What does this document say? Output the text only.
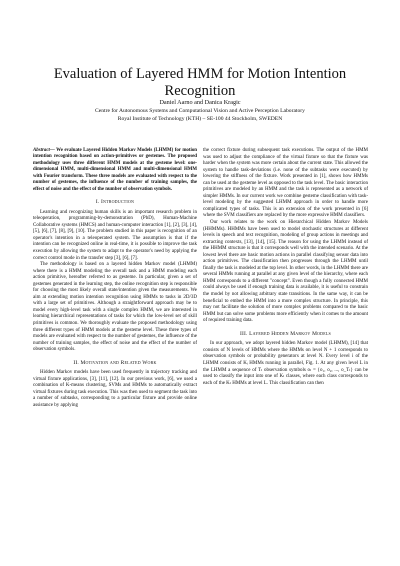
Evaluation of Layered HMM for Motion Intention Recognition
Daniel Aarno and Danica Kragic
Centre for Autonomous Systems and Computational Vision and Active Perception Laboratory
Royal Institute of Technology (KTH) – SE-100 44 Stockholm, SWEDEN
Abstract— We evaluate Layered Hidden Markov Models (LHMM) for motion intention recognition based on action-primitives or gestemes. The proposed methodology uses three different HMM models at the gesteme level: one-dimensional HMM, multi-dimensional HMM and multi-dimensional HMM with Fourier transform. These three models are evaluated with respect to the number of gestemes, the influence of the number of training samples, the effect of noise and the effect of the number of observation symbols.
I. Introduction

Learning and recognizing human skills is an important research problem in teleoperation, programming-by-demonstration (PbD), Human-Machine Collaborative systems (HMCS) and human-computer interaction [1], [2], [3], [4], [5], [6], [7], [8], [9], [10]. The problem studied in this paper is recognition of an operator's intention in a teleoperated system. The assumption is that if the intention can be recognized online in real-time, it is possible to improve the task execution by allowing the system to adapt to the operator's need by applying the correct control mode in the transfer step [3], [6], [7].

The methodology is based on a layered hidden Markov model (LHMM) where there is a HMM modeling the overall task and a HMM modeling each action primitive, hereafter referred to as gesteme. In particular, given a set of gestemes generated in the learning step, the online recognition step is responsible for choosing the most likely overall state/intention given the measurements. We aim at extending motion intention recognition using HMMs to tasks in 2D/3D with a large set of primitives. Although a straightforward approach may be to model every high-level task with a single complex HMM, we are interested in learning hierarchical representations of tasks for which the low-level set of skill primitives is common. We thoroughly evaluate the proposed methodology using three different types of HMM models at the gesteme level. These three types of models are evaluated with respect to the number of gestemes, the influence of the number of training samples, the effect of noise and the effect of the number of observation symbols.

II. Motivation and Related Work

Hidden Markov models have been used frequently in trajectory tracking and virtual fixture applications, [3], [11], [12]. In our previous work, [6], we used a combination of K-means clustering, SVMs and HMMs to automatically extract virtual fixtures during task execution. This was then used to segment the task into a number of subtasks, corresponding to a particular fixture and provide online assistance by applying

the correct fixture during subsequent task executions. The output of the HMM was used to adjust the compliance of the virtual fixture so that the fixture was harder when the system was more certain about the current state. This allowed the system to handle task-deviations (i.e. none of the subtasks were executed) by lowering the stiffness of the fixture. Work presented in [1], shows how HMMs can be used at the gesteme level as opposed to the task level. The basic interaction primitives are modeled by an HMM and the task is represented as a network of simpler HMMs. In our current work we combine gesteme classification with task-level modeling by the suggested LHMM approach in order to handle more complicated types of tasks. This is an extension of the work presented in [6] where the SVM classifiers are replaced by the more expressive HMM classifiers.

Our work relates to the work on Hierarchical Hidden Markov Models (HHMMs). HHMMs have been used to model stochastic structures at different levels in speech and text recognition, modeling of group actions in meetings and extracting contexts, [13], [14], [15]. The reason for using the LHMM instead of the HHMM structure is that it corresponds well with the intended scenario. At the lowest level there are basic motion actions in parallel classifying sensor data into action primitives. The classification then progresses through the LHMM until finally the task is modeled at the top level. In other words, in the LHMM there are several HMMs running at parallel at any given level of the hierarchy, where each HMM corresponds to a different "concept". Even though a fully connected HMM could always be used if enough training data is available, it is useful to constrain the model by not allowing arbitrary state transitions. In the same way, it can be beneficial to embed the HMM into a more complex structure. In principle, this may not facilitate the solution of more complex problems compared to the basic HMM but can solve some problems more efficiently when it comes to the amount of required training data.

III. Layered Hidden Markov Models

In our approach, we adopt layered hidden Markov model (LHMM), [14] that consists of N levels of HMMs where the HMMs on level N + 1 corresponds to observation symbols or probability generators at level N. Every level i of the LHMM consists of Kᵢ HMMs running in parallel, Fig. 1. At any given level L in the LHMM a sequence of Tₗ observation symbols oₗ = {o₁, o₂, ..., o_Tₗ} can be used to classify the input into one of Kₗ classes, where each class corresponds to each of the Kₗ HMMs at level L. This classification can then
